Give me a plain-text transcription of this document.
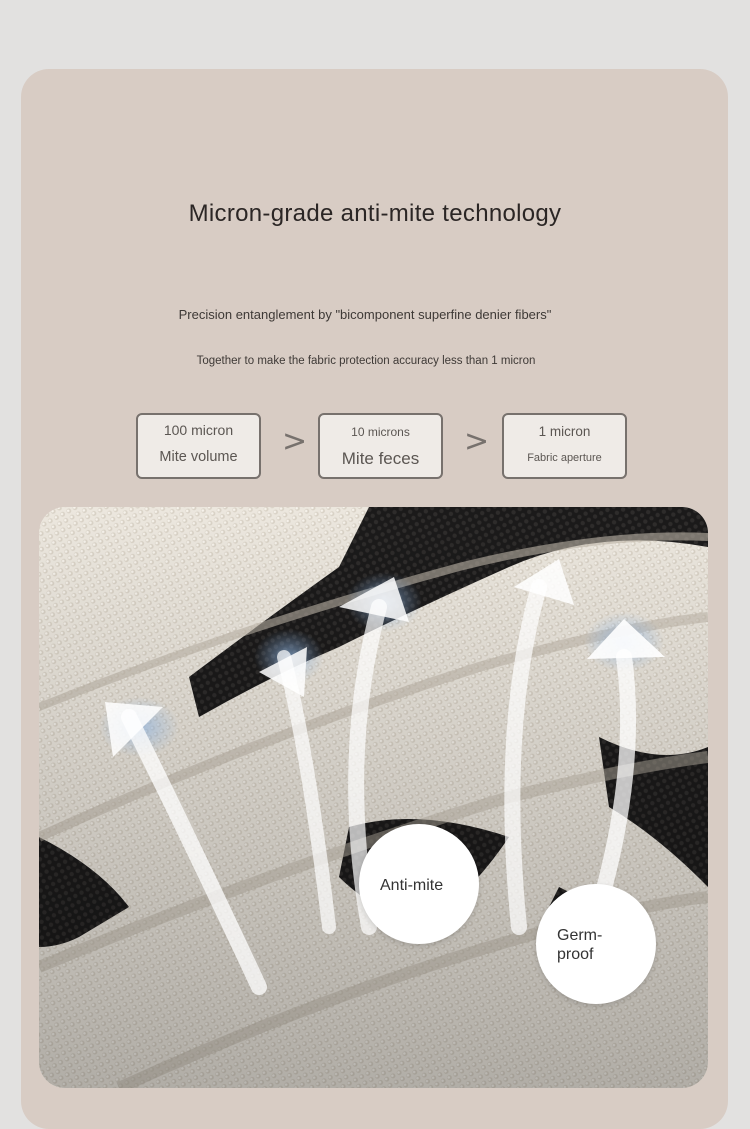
Micron-grade anti-mite technology
Precision entanglement by "bicomponent superfine denier fibers"
Together to make the fabric protection accuracy less than 1 micron
100 micron
Mite volume	>	10 microns
Mite feces	>	1 micron
Fabric aperture
Anti-mite
Germ-
proof
